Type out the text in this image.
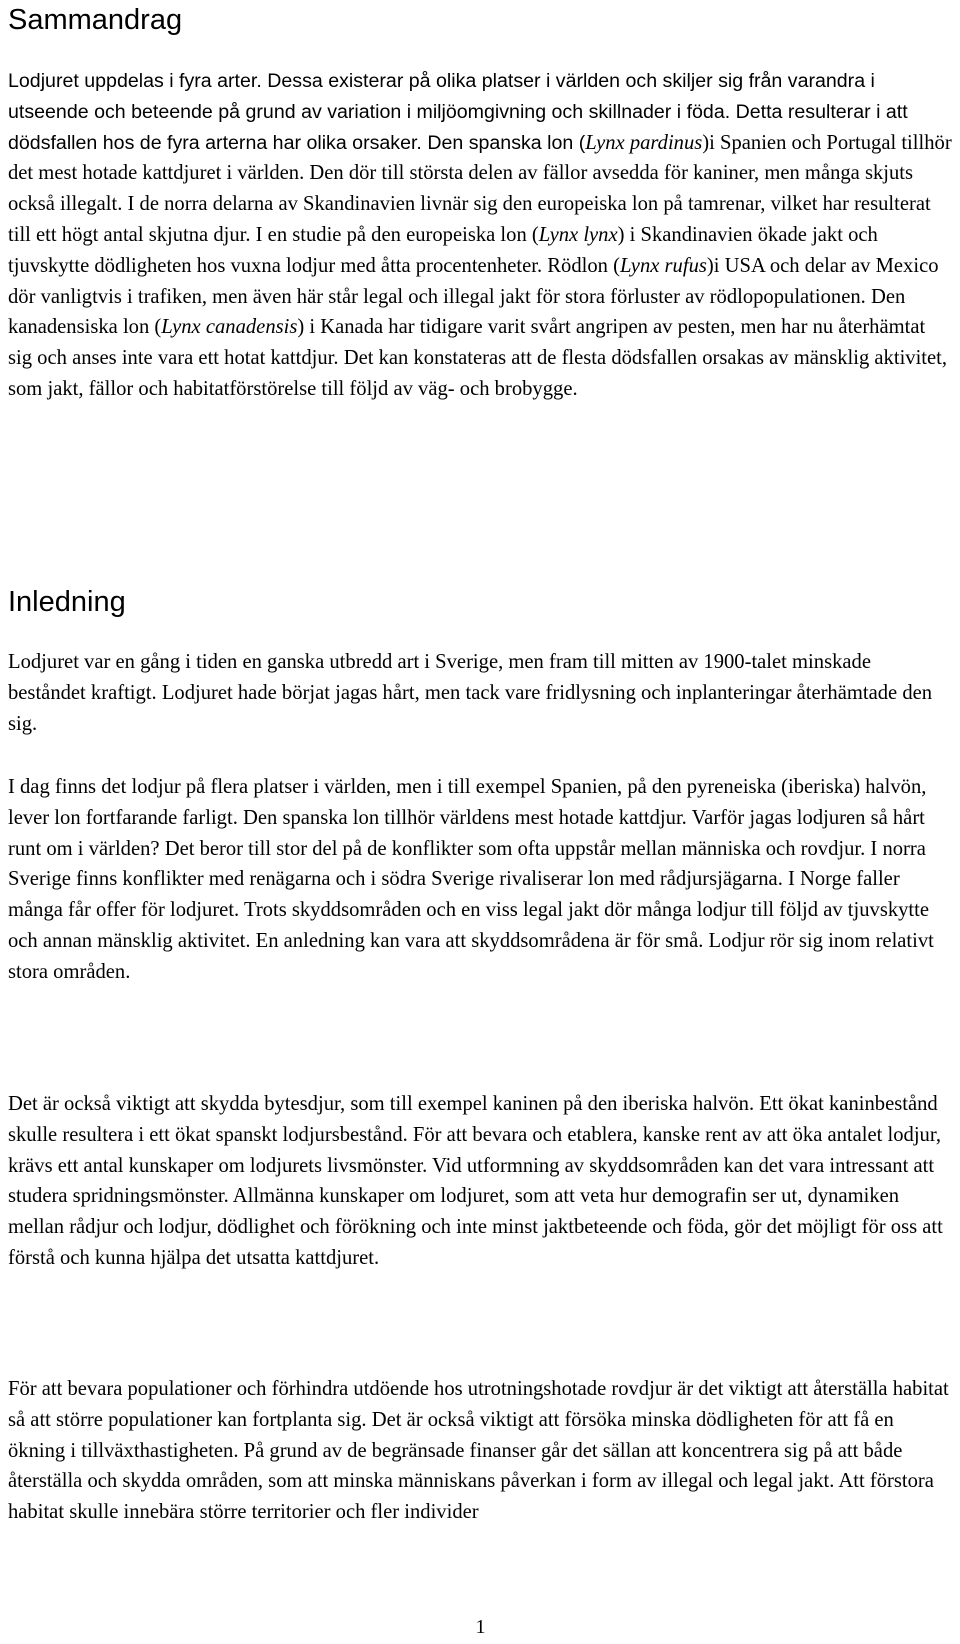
Sammandrag

Lodjuret uppdelas i fyra arter. Dessa existerar på olika platser i världen och skiljer sig från varandra i utseende och beteende på grund av variation i miljöomgivning och skillnader i föda. Detta resulterar i att dödsfallen hos de fyra arterna har olika orsaker. Den spanska lon (Lynx pardinus)i Spanien och Portugal tillhör det mest hotade kattdjuret i världen. Den dör till största delen av fällor avsedda för kaniner, men många skjuts också illegalt. I de norra delarna av Skandinavien livnär sig den europeiska lon på tamrenar, vilket har resulterat till ett högt antal skjutna djur. I en studie på den europeiska lon (Lynx lynx) i Skandinavien ökade jakt och tjuvskytte dödligheten hos vuxna lodjur med åtta procentenheter. Rödlon (Lynx rufus)i USA och delar av Mexico dör vanligtvis i trafiken, men även här står legal och illegal jakt för stora förluster av rödlopopulationen. Den kanadensiska lon (Lynx canadensis) i Kanada har tidigare varit svårt angripen av pesten, men har nu återhämtat sig och anses inte vara ett hotat kattdjur. Det kan konstateras att de flesta dödsfallen orsakas av mänsklig aktivitet, som jakt, fällor och habitatförstörelse till följd av väg- och brobygge.

Inledning

Lodjuret var en gång i tiden en ganska utbredd art i Sverige, men fram till mitten av 1900-talet minskade beståndet kraftigt. Lodjuret hade börjat jagas hårt, men tack vare fridlysning och inplanteringar återhämtade den sig.

I dag finns det lodjur på flera platser i världen, men i till exempel Spanien, på den pyreneiska (iberiska) halvön, lever lon fortfarande farligt. Den spanska lon tillhör världens mest hotade kattdjur. Varför jagas lodjuren så hårt runt om i världen? Det beror till stor del på de konflikter som ofta uppstår mellan människa och rovdjur. I norra Sverige finns konflikter med renägarna och i södra Sverige rivaliserar lon med rådjursjägarna. I Norge faller många får offer för lodjuret. Trots skyddsområden och en viss legal jakt dör många lodjur till följd av tjuvskytte och annan mänsklig aktivitet. En anledning kan vara att skyddsområdena är för små. Lodjur rör sig inom relativt stora områden.

Det är också viktigt att skydda bytesdjur, som till exempel kaninen på den iberiska halvön. Ett ökat kaninbestånd skulle resultera i ett ökat spanskt lodjursbestånd. För att bevara och etablera, kanske rent av att öka antalet lodjur, krävs ett antal kunskaper om lodjurets livsmönster. Vid utformning av skyddsområden kan det vara intressant att studera spridningsmönster. Allmänna kunskaper om lodjuret, som att veta hur demografin ser ut, dynamiken mellan rådjur och lodjur, dödlighet och förökning och inte minst jaktbeteende och föda, gör det möjligt för oss att förstå och kunna hjälpa det utsatta kattdjuret.

För att bevara populationer och förhindra utdöende hos utrotningshotade rovdjur är det viktigt att återställa habitat så att större populationer kan fortplanta sig. Det är också viktigt att försöka minska dödligheten för att få en ökning i tillväxthastigheten. På grund av de begränsade finanser går det sällan att koncentrera sig på att både återställa och skydda områden, som att minska människans påverkan i form av illegal och legal jakt. Att förstora habitat skulle innebära större territorier och fler individer

1
